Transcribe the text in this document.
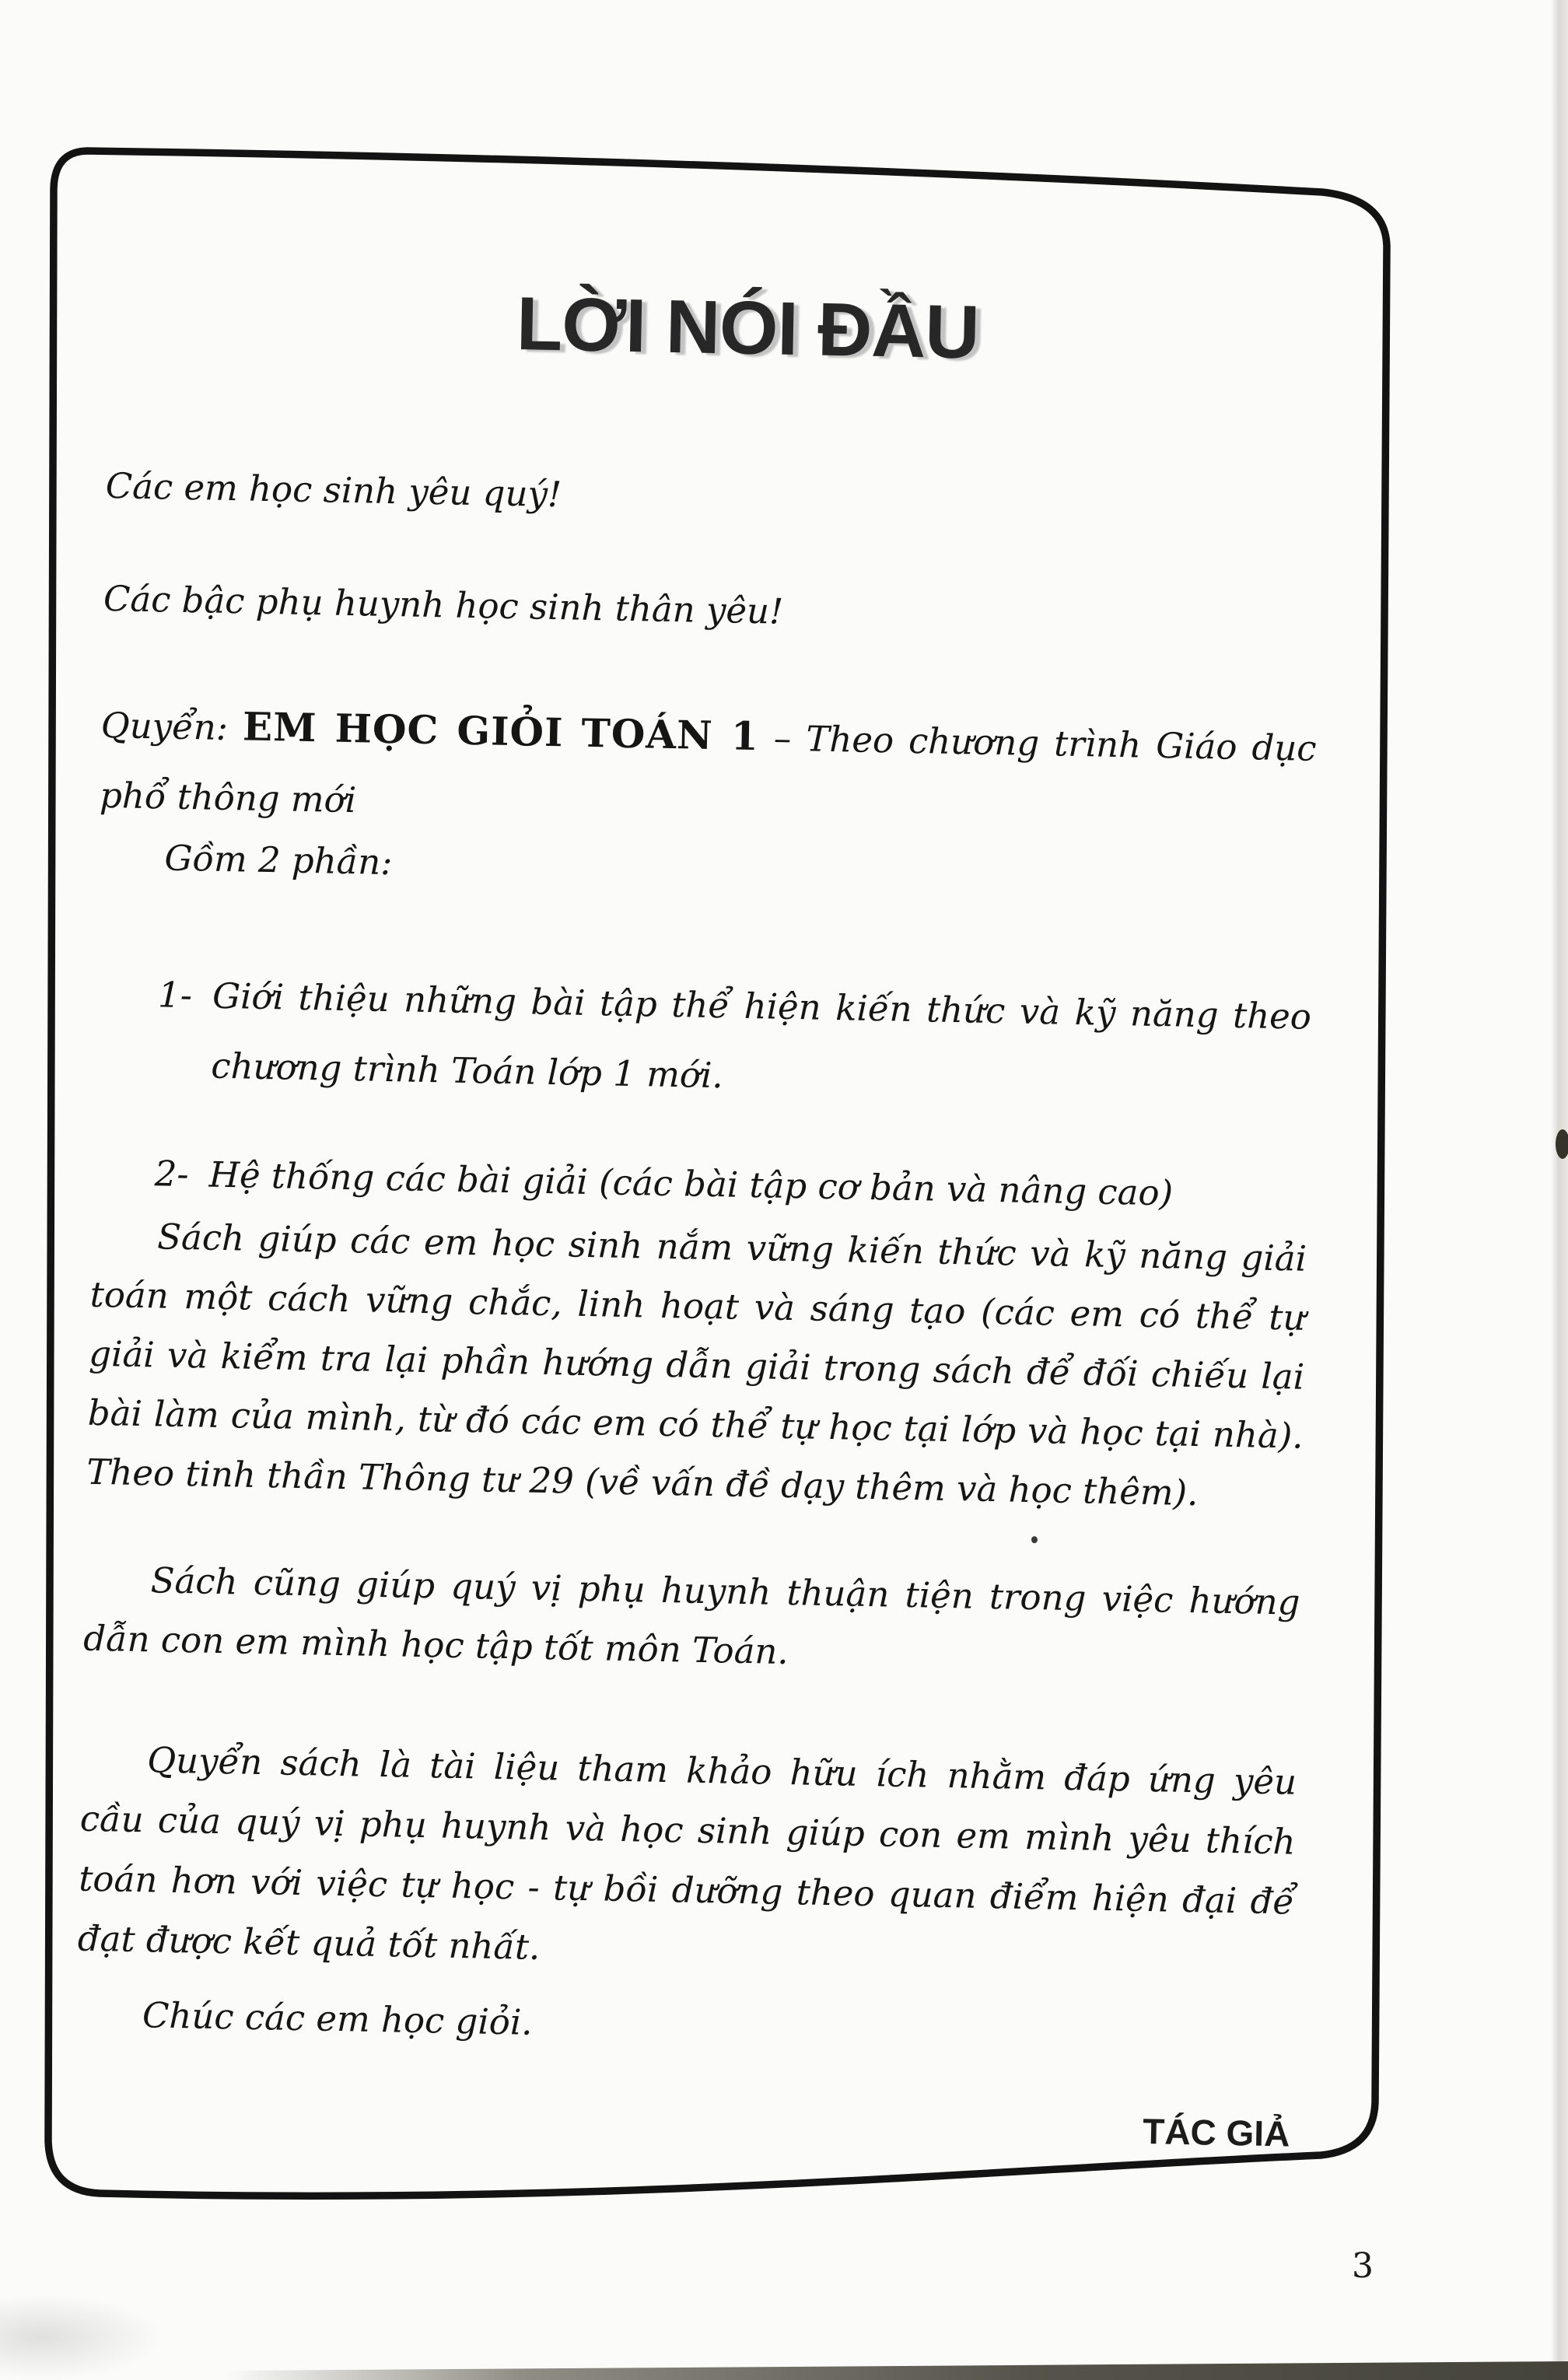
LỜI NÓI ĐẦU
Các em học sinh yêu quý!
Các bậc phụ huynh học sinh thân yêu!
Quyển: EM HỌC GIỎI TOÁN 1 – Theo chương trình Giáo dục
phổ thông mới
Gồm 2 phần:
1- Giới thiệu những bài tập thể hiện kiến thức và kỹ năng theo
chương trình Toán lớp 1 mới.
2- Hệ thống các bài giải (các bài tập cơ bản và nâng cao)
Sách giúp các em học sinh nắm vững kiến thức và kỹ năng giải
toán một cách vững chắc, linh hoạt và sáng tạo (các em có thể tự
giải và kiểm tra lại phần hướng dẫn giải trong sách để đối chiếu lại
bài làm của mình, từ đó các em có thể tự học tại lớp và học tại nhà).
Theo tinh thần Thông tư 29 (về vấn đề dạy thêm và học thêm).
Sách cũng giúp quý vị phụ huynh thuận tiện trong việc hướng
dẫn con em mình học tập tốt môn Toán.
Quyển sách là tài liệu tham khảo hữu ích nhằm đáp ứng yêu
cầu của quý vị phụ huynh và học sinh giúp con em mình yêu thích
toán hơn với việc tự học - tự bồi dưỡng theo quan điểm hiện đại để
đạt được kết quả tốt nhất.
Chúc các em học giỏi.
TÁC GIẢ
3
